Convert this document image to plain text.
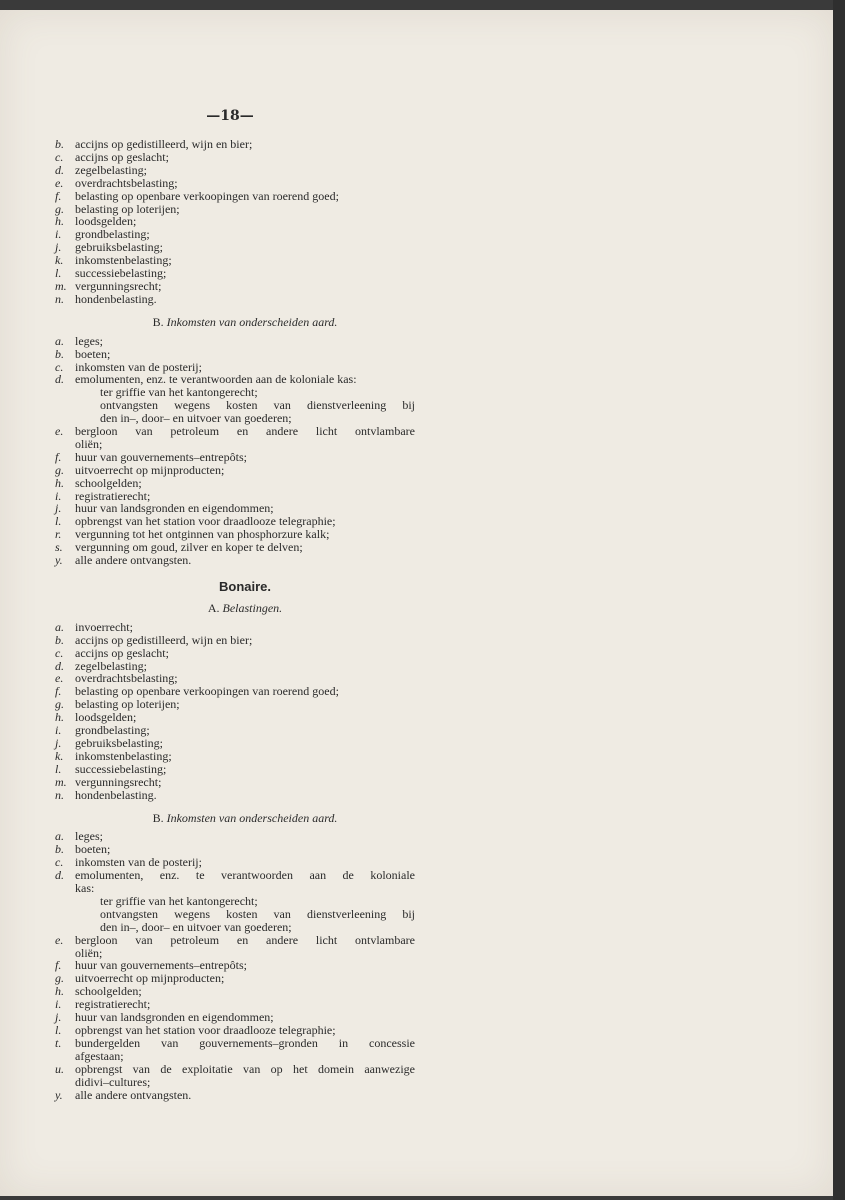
—18—
b. accijns op gedistilleerd, wijn en bier;
c. accijns op geslacht;
d. zegelbelasting;
e. overdrachtsbelasting;
f.	belasting op openbare verkoopingen van roerend goed;
g. belasting op loterijen;
h. loodsgelden;
i.	grondbelasting;
j.	gebruiksbelasting;
k. inkomstenbelasting;
l.	successiebelasting;
m. vergunningsrecht;
n. hondenbelasting.
B. Inkomsten van onderscheiden aard.
a. leges;
b. boeten;
c. inkomsten van de posterij;
d. emolumenten, enz. te verantwoorden aan de koloniale kas:
ter griffie van het kantongerecht;
ontvangsten wegens kosten van dienstverleening bij
den in–, door– en uitvoer van goederen;
e. bergloon van petroleum en andere licht ontvlambare
oliën;
f.	huur van gouvernements–entrepôts;
g. uitvoerrecht op mijnproducten;
h. schoolgelden;
i.	registratierecht;
j.	huur van landsgronden en eigendommen;
l.	opbrengst van het station voor draadlooze telegraphie;
r.	vergunning tot het ontginnen van phosphorzure kalk;
s.	vergunning om goud, zilver en koper te delven;
y.	alle andere ontvangsten.
Bonaire.
A. Belastingen.
a. invoerrecht;
b. accijns op gedistilleerd, wijn en bier;
c. accijns op geslacht;
d. zegelbelasting;
e. overdrachtsbelasting;
f.	belasting op openbare verkoopingen van roerend goed;
g. belasting op loterijen;
h. loodsgelden;
i.	grondbelasting;
j.	gebruiksbelasting;
k. inkomstenbelasting;
l.	successiebelasting;
m. vergunningsrecht;
n. hondenbelasting.
B. Inkomsten van onderscheiden aard.
a. leges;
b. boeten;
c. inkomsten van de posterij;
d. emolumenten, enz. te verantwoorden aan de koloniale
kas:
ter griffie van het kantongerecht;
ontvangsten wegens kosten van dienstverleening bij
den in–, door– en uitvoer van goederen;
e. bergloon van petroleum en andere licht ontvlambare
oliën;
f.	huur van gouvernements–entrepôts;
g. uitvoerrecht op mijnproducten;
h. schoolgelden;
i.	registratierecht;
j.	huur van landsgronden en eigendommen;
l.	opbrengst van het station voor draadlooze telegraphie;
t.	bundergelden van gouvernements–gronden in concessie
afgestaan;
u. opbrengst van de exploitatie van op het domein aanwezige
didivi–cultures;
y.	alle andere ontvangsten.
